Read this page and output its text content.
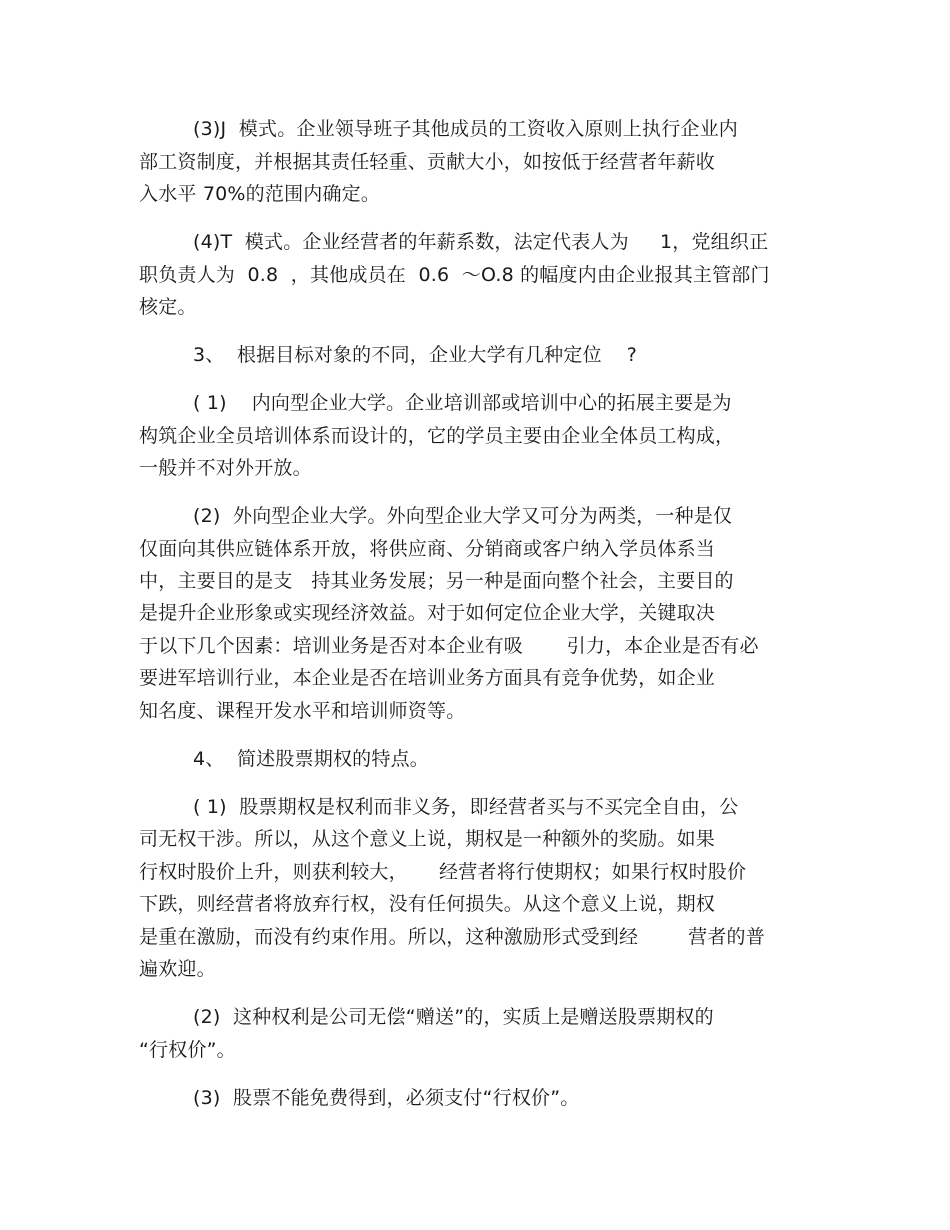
(3)J  模式。企业领导班子其他成员的工资收入原则上执行企业内
部工资制度，并根据其责任轻重、贡献大小，如按低于经营者年薪收
入水平 70%的范围内确定。
(4)T  模式。企业经营者的年薪系数，法定代表人为     1，党组织正
职负责人为  0.8  ，其他成员在  0.6  ～O.8 的幅度内由企业报其主管部门
核定。
3、  根据目标对象的不同，企业大学有几种定位    ?
( 1)    内向型企业大学。企业培训部或培训中心的拓展主要是为
构筑企业全员培训体系而设计的，它的学员主要由企业全体员工构成，
一般并不对外开放。
(2)  外向型企业大学。外向型企业大学又可分为两类，一种是仅
仅面向其供应链体系开放，将供应商、分销商或客户纳入学员体系当
中，主要目的是支   持其业务发展；另一种是面向整个社会，主要目的
是提升企业形象或实现经济效益。对于如何定位企业大学，关键取决
于以下几个因素：培训业务是否对本企业有吸       引力，本企业是否有必
要进军培训行业，本企业是否在培训业务方面具有竞争优势，如企业
知名度、课程开发水平和培训师资等。
4、  简述股票期权的特点。
( 1)  股票期权是权利而非义务，即经营者买与不买完全自由，公
司无权干涉。所以，从这个意义上说，期权是一种额外的奖励。如果
行权时股价上升，则获利较大，     经营者将行使期权；如果行权时股价
下跌，则经营者将放弃行权，没有任何损失。从这个意义上说，期权
是重在激励，而没有约束作用。所以，这种激励形式受到经        营者的普
遍欢迎。
(2)  这种权利是公司无偿“赠送”的，实质上是赠送股票期权的
“行权价”。
(3)  股票不能免费得到，必须支付“行权价”。
